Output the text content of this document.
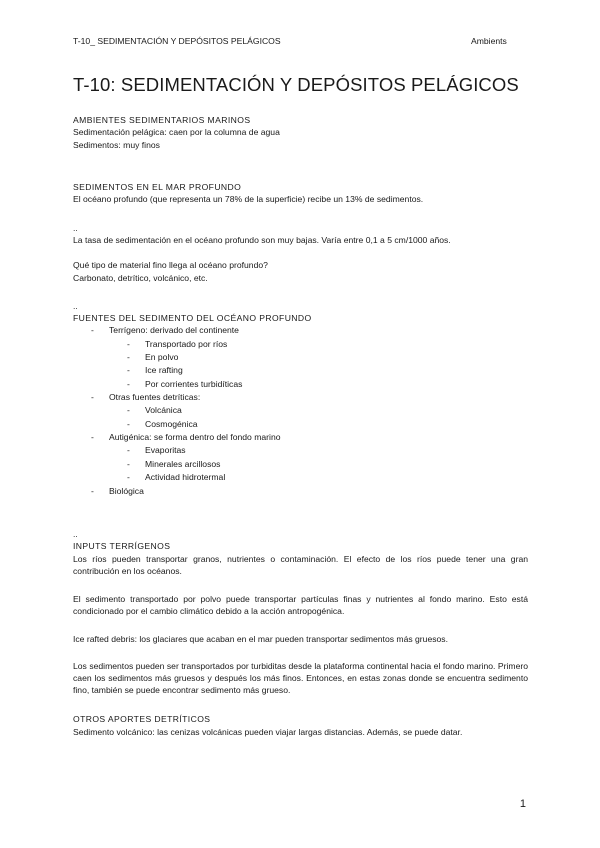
T-10_ SEDIMENTACIÓN Y DEPÓSITOS PELÁGICOS	Ambients
T-10: SEDIMENTACIÓN Y DEPÓSITOS PELÁGICOS
AMBIENTES SEDIMENTARIOS MARINOS
Sedimentación pelágica: caen por la columna de agua
Sedimentos: muy finos
SEDIMENTOS EN EL MAR PROFUNDO
El océano profundo (que representa un 78% de la superficie) recibe un 13% de sedimentos.
..
La tasa de sedimentación en el océano profundo son muy bajas. Varía entre 0,1 a 5 cm/1000 años.
Qué tipo de material fino llega al océano profundo?
Carbonato, detrítico, volcánico, etc.
..
FUENTES DEL SEDIMENTO DEL OCÉANO PROFUNDO
- Terrígeno: derivado del continente
- Transportado por ríos
- En polvo
- Ice rafting
- Por corrientes turbidíticas
- Otras fuentes detríticas:
- Volcánica
- Cosmogénica
- Autigénica: se forma dentro del fondo marino
- Evaporitas
- Minerales arcillosos
- Actividad hidrotermal
- Biológica
..
INPUTS TERRÍGENOS
Los ríos pueden transportar granos, nutrientes o contaminación. El efecto de los ríos puede tener una gran contribución en los océanos.
El sedimento transportado por polvo puede transportar partículas finas y nutrientes al fondo marino. Esto está condicionado por el cambio climático debido a la acción antropogénica.
Ice rafted debris: los glaciares que acaban en el mar pueden transportar sedimentos más gruesos.
Los sedimentos pueden ser transportados por turbiditas desde la plataforma continental hacia el fondo marino. Primero caen los sedimentos más gruesos y después los más finos. Entonces, en estas zonas donde se encuentra sedimento fino, también se puede encontrar sedimento más grueso.
OTROS APORTES DETRÍTICOS
Sedimento volcánico: las cenizas volcánicas pueden viajar largas distancias. Además, se puede datar.
1
